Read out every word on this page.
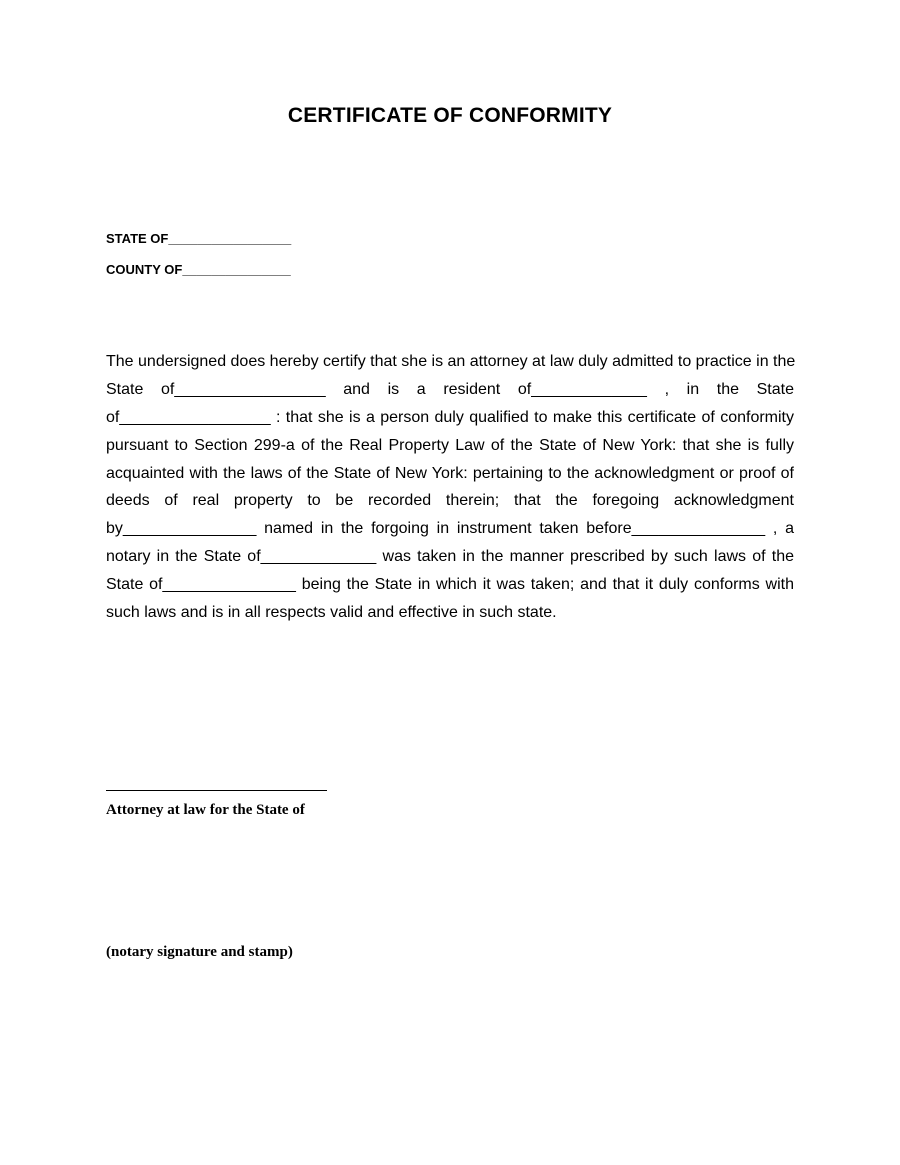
CERTIFICATE OF CONFORMITY
STATE OF_________________
COUNTY OF_______________
The undersigned does hereby certify that she is an attorney at law duly admitted to practice in the
State of_________________ and is a resident of_____________ , in the State
of_________________ : that she is a person duly qualified to make this certificate of conformity
pursuant to Section 299-a of the Real Property Law of the State of New York: that she is fully
acquainted with the laws of the State of New York: pertaining to the acknowledgment or proof of
deeds of real property to be recorded therein; that the foregoing acknowledgment
by_______________ named in the forgoing in instrument taken before_______________ , a
notary in the State of_____________ was taken in the manner prescribed by such laws of the
State of_______________ being the State in which it was taken; and that it duly conforms with
such laws and is in all respects valid and effective in such state.
Attorney at law for the State of
(notary signature and stamp)
